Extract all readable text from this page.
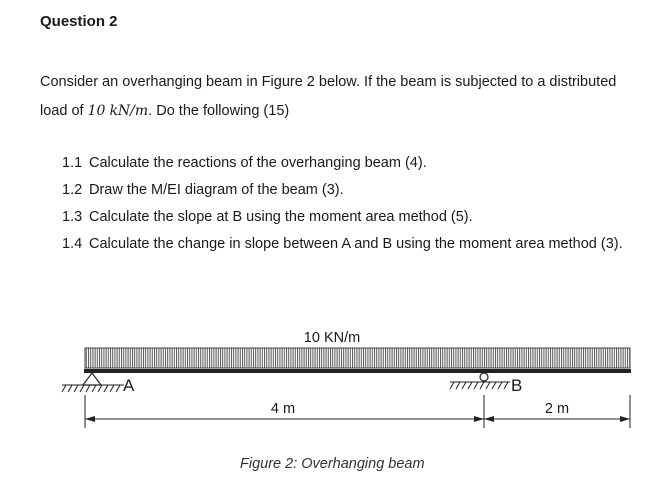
Question 2
Consider an overhanging beam in Figure 2 below. If the beam is subjected to a distributed load of 10 kN/m. Do the following (15)
1.1 Calculate the reactions of the overhanging beam (4).
1.2 Draw the M/EI diagram of the beam (3).
1.3 Calculate the slope at B using the moment area method (5).
1.4 Calculate the change in slope between A and B using the moment area method (3).
10 KN/m
A	B
4 m	2 m
Figure 2: Overhanging beam
